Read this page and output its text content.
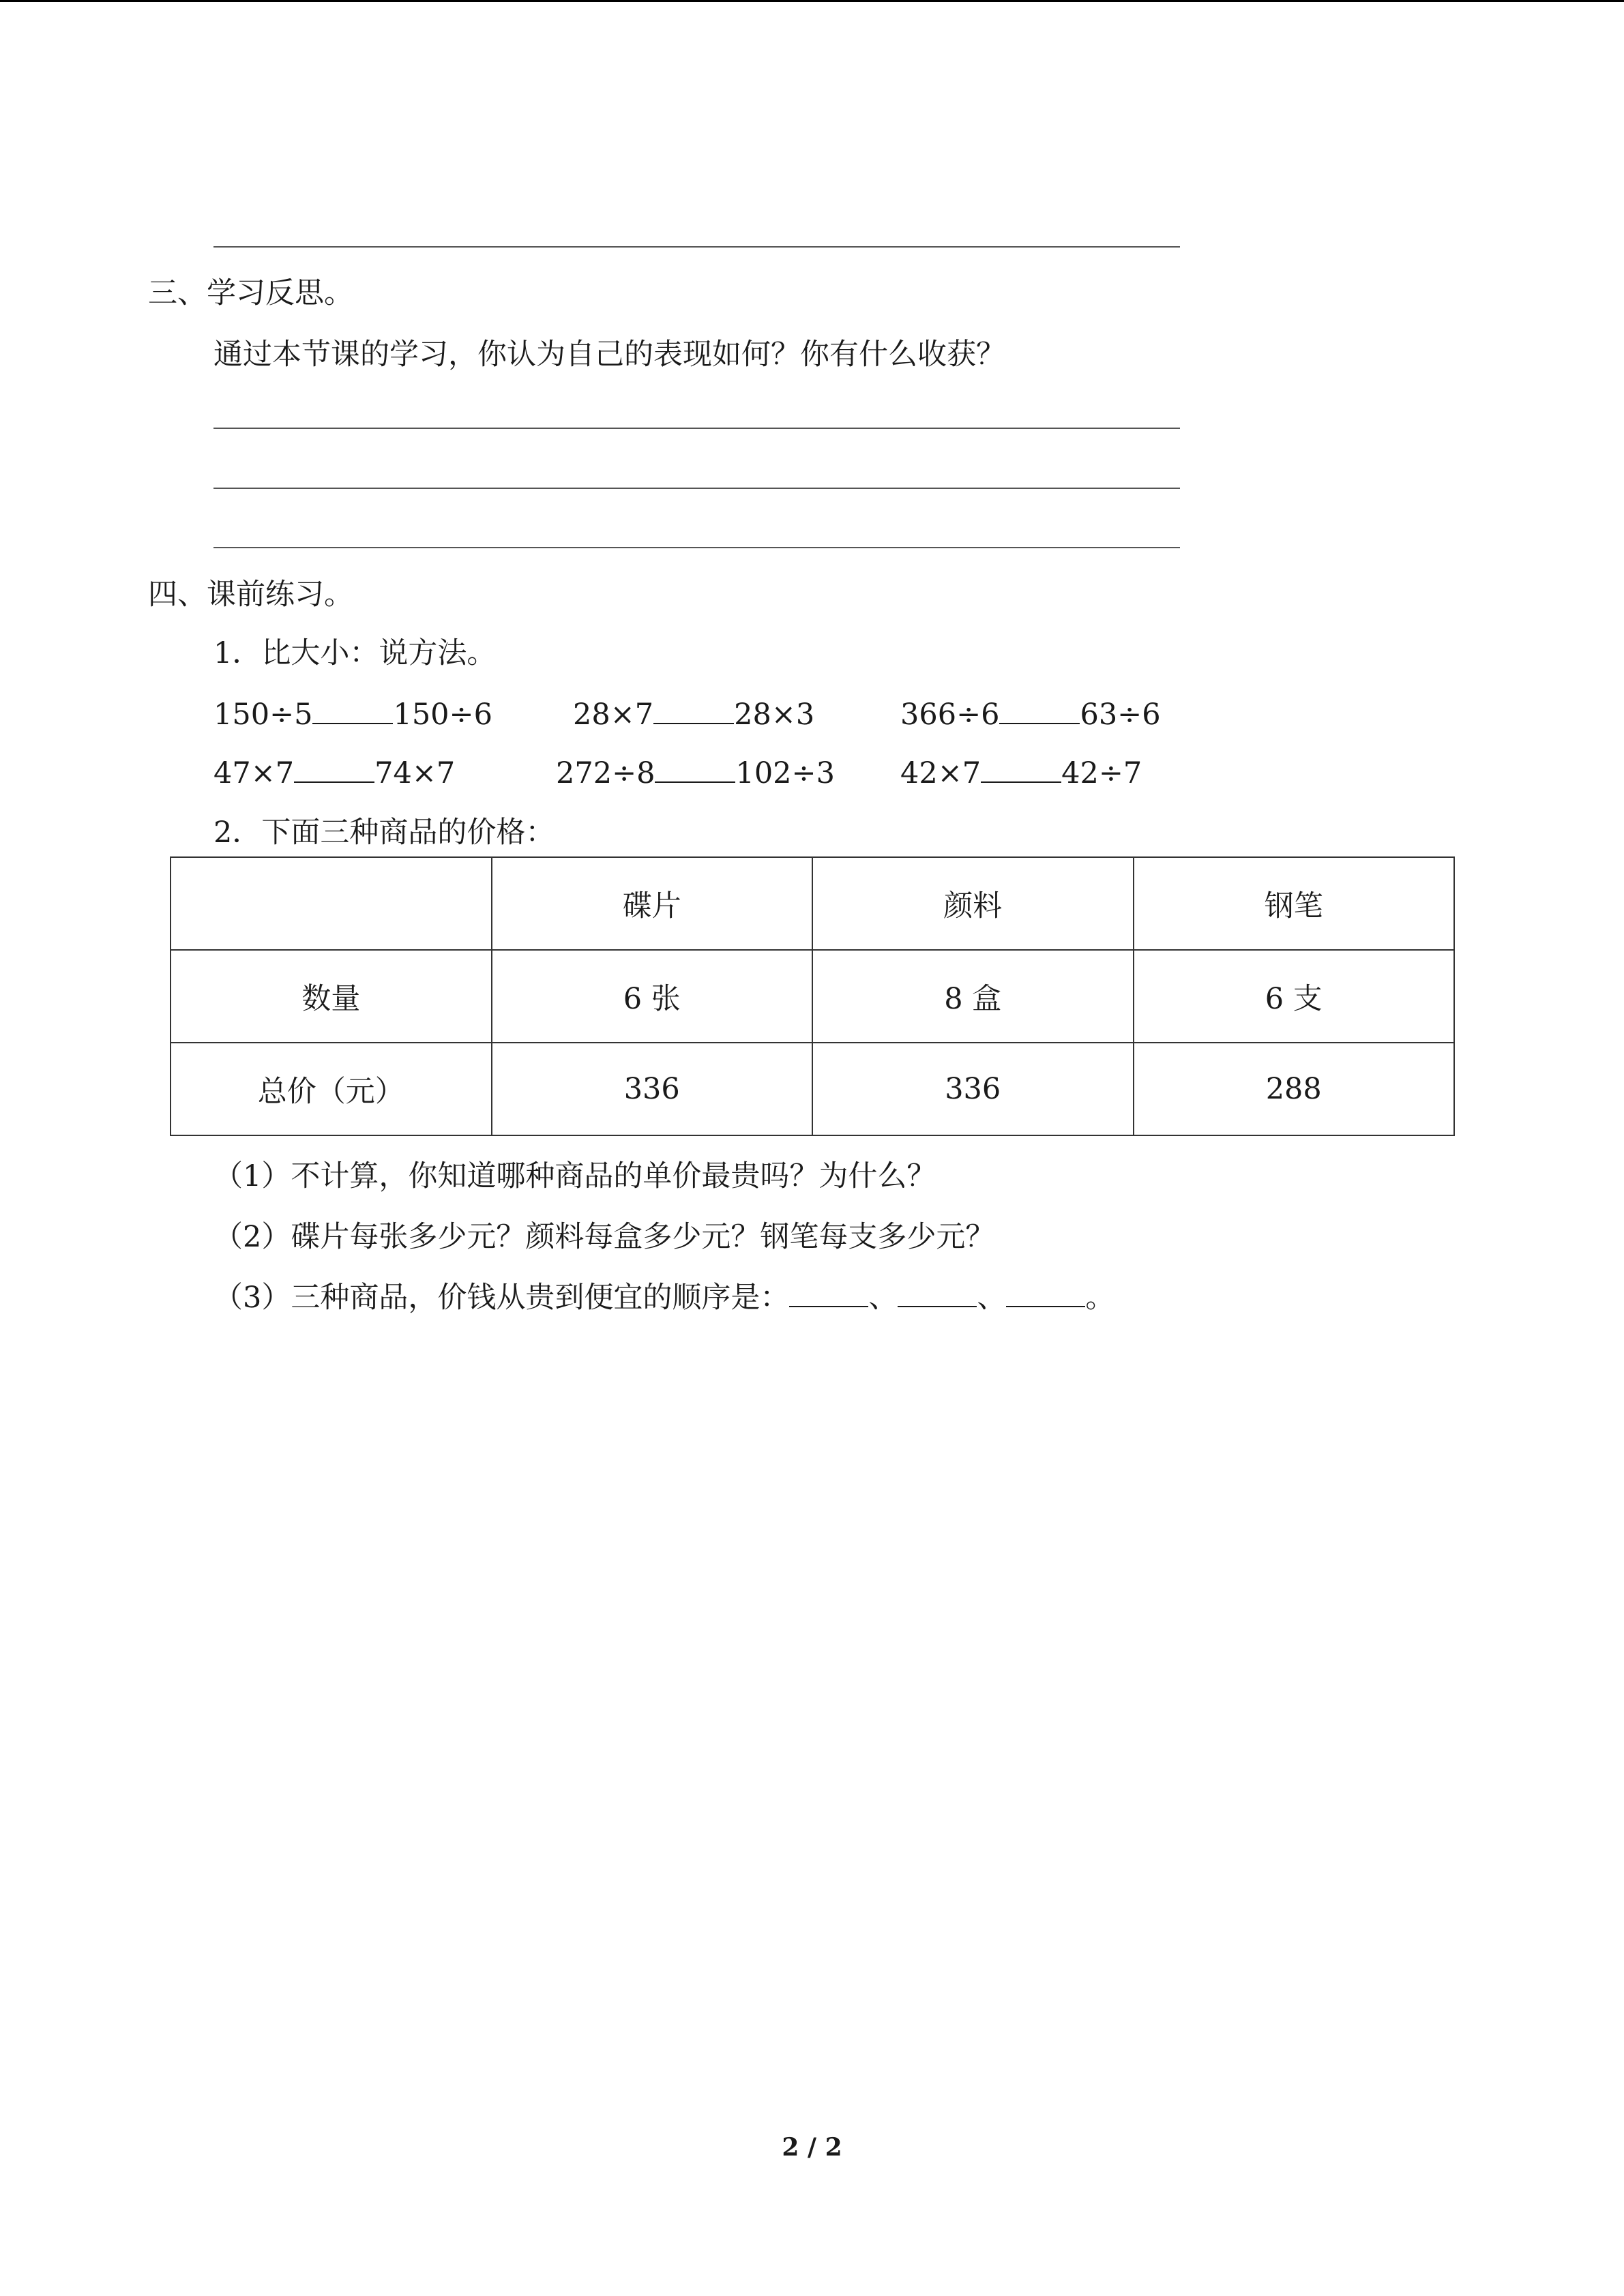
三、学习反思。
通过本节课的学习，你认为自己的表现如何？你有什么收获？
四、课前练习。
1．比大小：说方法。
150÷5	150÷6	28×7	28×3	366÷6	63÷6
47×7	74×7	272÷8	102÷3 42×7	42÷7
2．下面三种商品的价格：
	碟片	颜料	钢笔
数量	6 张	8 盒	6 支
总价（元）	336	336	288
（1）不计算，你知道哪种商品的单价最贵吗？为什么？
（2）碟片每张多少元？颜料每盒多少元？钢笔每支多少元？
（3）三种商品，价钱从贵到便宜的顺序是：	、	、	。
2 / 2
